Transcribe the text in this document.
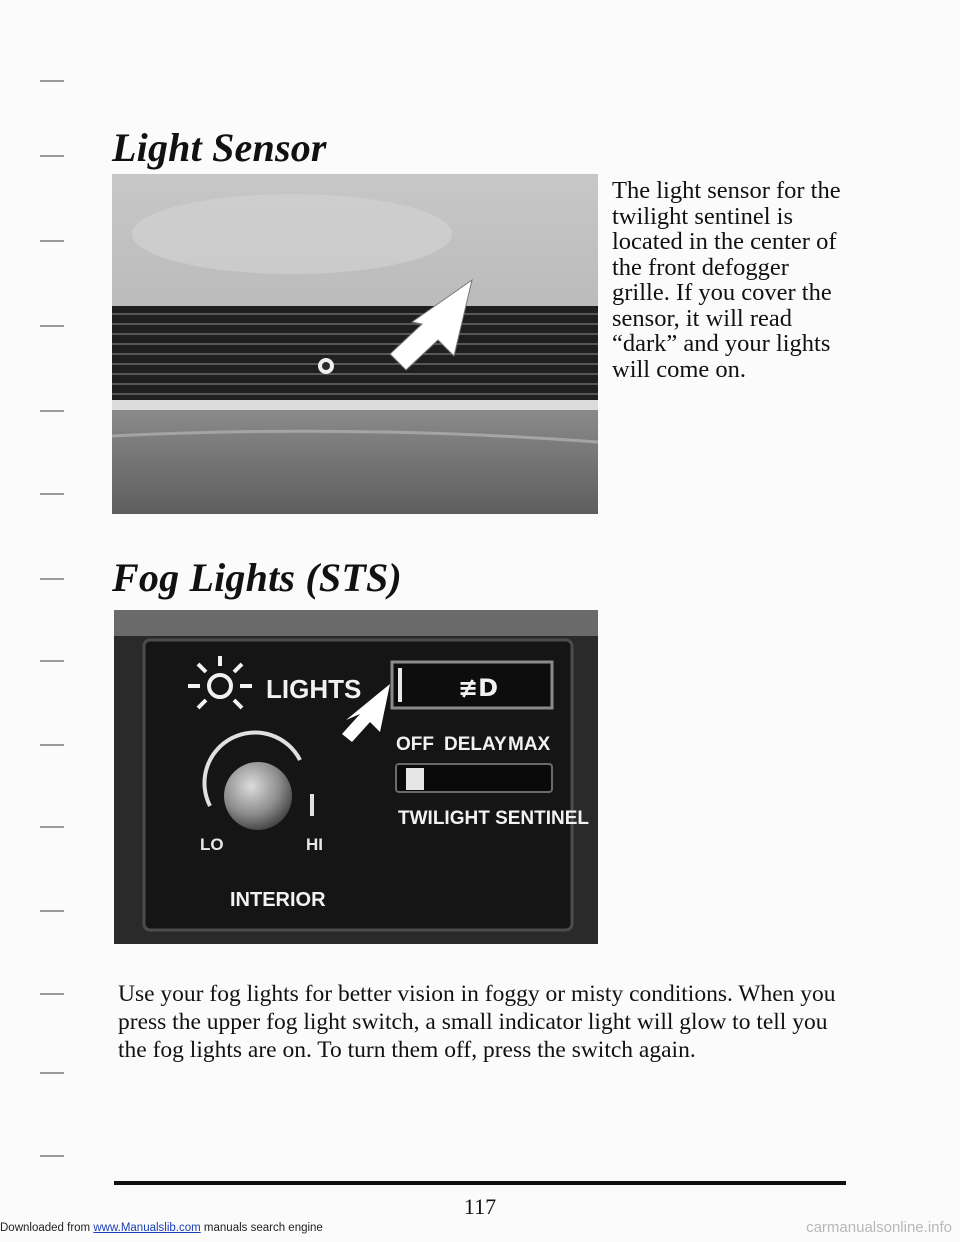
Light Sensor

The light sensor for the twilight sentinel is located in the center of the front defogger grille. If you cover the sensor, it will read “dark” and your lights will come on.

Fog Lights (STS)
LIGHTS	≢D
LO	HI
INTERIOR
OFF DELAY MAX
TWILIGHT SENTINEL

Use your fog lights for better vision in foggy or misty conditions. When you press the upper fog light switch, a small indicator light will glow to tell you the fog lights are on. To turn them off, press the switch again.

117
Downloaded from www.Manualslib.com manuals search engine	carmanualsonline.info
